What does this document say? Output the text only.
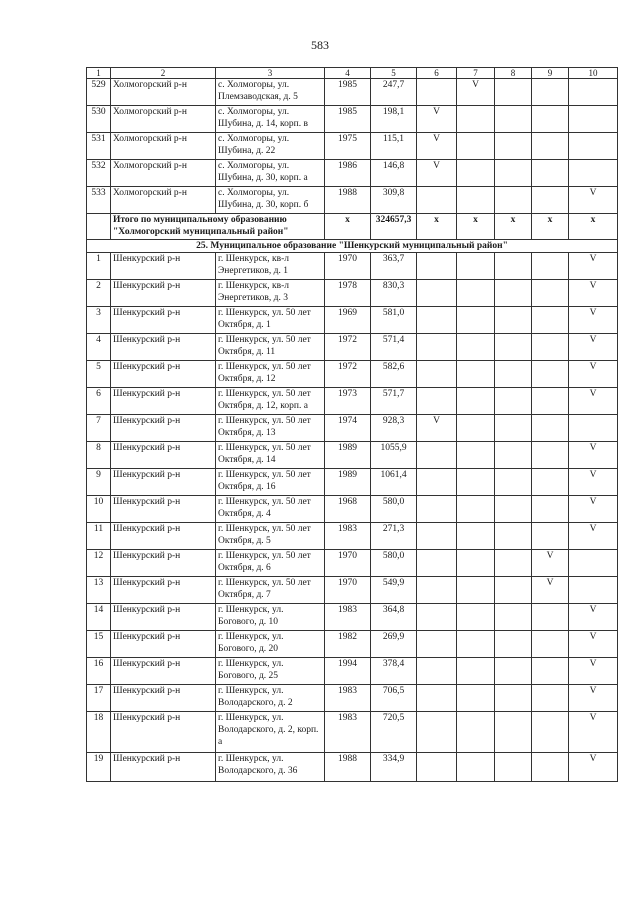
583
1	2	3	4	5	6	7	8	9	10
529	Холмогорский р-н	с. Холмогоры, ул. Племзаводская, д. 5	1985	247,7		V			
530	Холмогорский р-н	с. Холмогоры, ул. Шубина, д. 14, корп. в	1985	198,1	V				
531	Холмогорский р-н	с. Холмогоры, ул. Шубина, д. 22	1975	115,1	V				
532	Холмогорский р-н	с. Холмогоры, ул. Шубина, д. 30, корп. а	1986	146,8	V				
533	Холмогорский р-н	с. Холмогоры, ул. Шубина, д. 30, корп. б	1988	309,8					V
	Итого по муниципальному образованию "Холмогорский муниципальный район"		x	324657,3	x	x	x	x	x
25. Муниципальное образование "Шенкурский муниципальный район"									
1	Шенкурский р-н	г. Шенкурск, кв-л Энергетиков, д. 1	1970	363,7					V
2	Шенкурский р-н	г. Шенкурск, кв-л Энергетиков, д. 3	1978	830,3					V
3	Шенкурский р-н	г. Шенкурск, ул. 50 лет Октября, д. 1	1969	581,0					V
4	Шенкурский р-н	г. Шенкурск, ул. 50 лет Октября, д. 11	1972	571,4					V
5	Шенкурский р-н	г. Шенкурск, ул. 50 лет Октября, д. 12	1972	582,6					V
6	Шенкурский р-н	г. Шенкурск, ул. 50 лет Октября, д. 12, корп. а	1973	571,7					V
7	Шенкурский р-н	г. Шенкурск, ул. 50 лет Октября, д. 13	1974	928,3	V				
8	Шенкурский р-н	г. Шенкурск, ул. 50 лет Октября, д. 14	1989	1055,9					V
9	Шенкурский р-н	г. Шенкурск, ул. 50 лет Октября, д. 16	1989	1061,4					V
10	Шенкурский р-н	г. Шенкурск, ул. 50 лет Октября, д. 4	1968	580,0					V
11	Шенкурский р-н	г. Шенкурск, ул. 50 лет Октября, д. 5	1983	271,3					V
12	Шенкурский р-н	г. Шенкурск, ул. 50 лет Октября, д. 6	1970	580,0				V	
13	Шенкурский р-н	г. Шенкурск, ул. 50 лет Октября, д. 7	1970	549,9				V	
14	Шенкурский р-н	г. Шенкурск, ул. Богового, д. 10	1983	364,8					V
15	Шенкурский р-н	г. Шенкурск, ул. Богового, д. 20	1982	269,9					V
16	Шенкурский р-н	г. Шенкурск, ул. Богового, д. 25	1994	378,4					V
17	Шенкурский р-н	г. Шенкурск, ул. Володарского, д. 2	1983	706,5					V
18	Шенкурский р-н	г. Шенкурск, ул. Володарского, д. 2, корп. а	1983	720,5					V
19	Шенкурский р-н	г. Шенкурск, ул. Володарского, д. 36	1988	334,9					V
